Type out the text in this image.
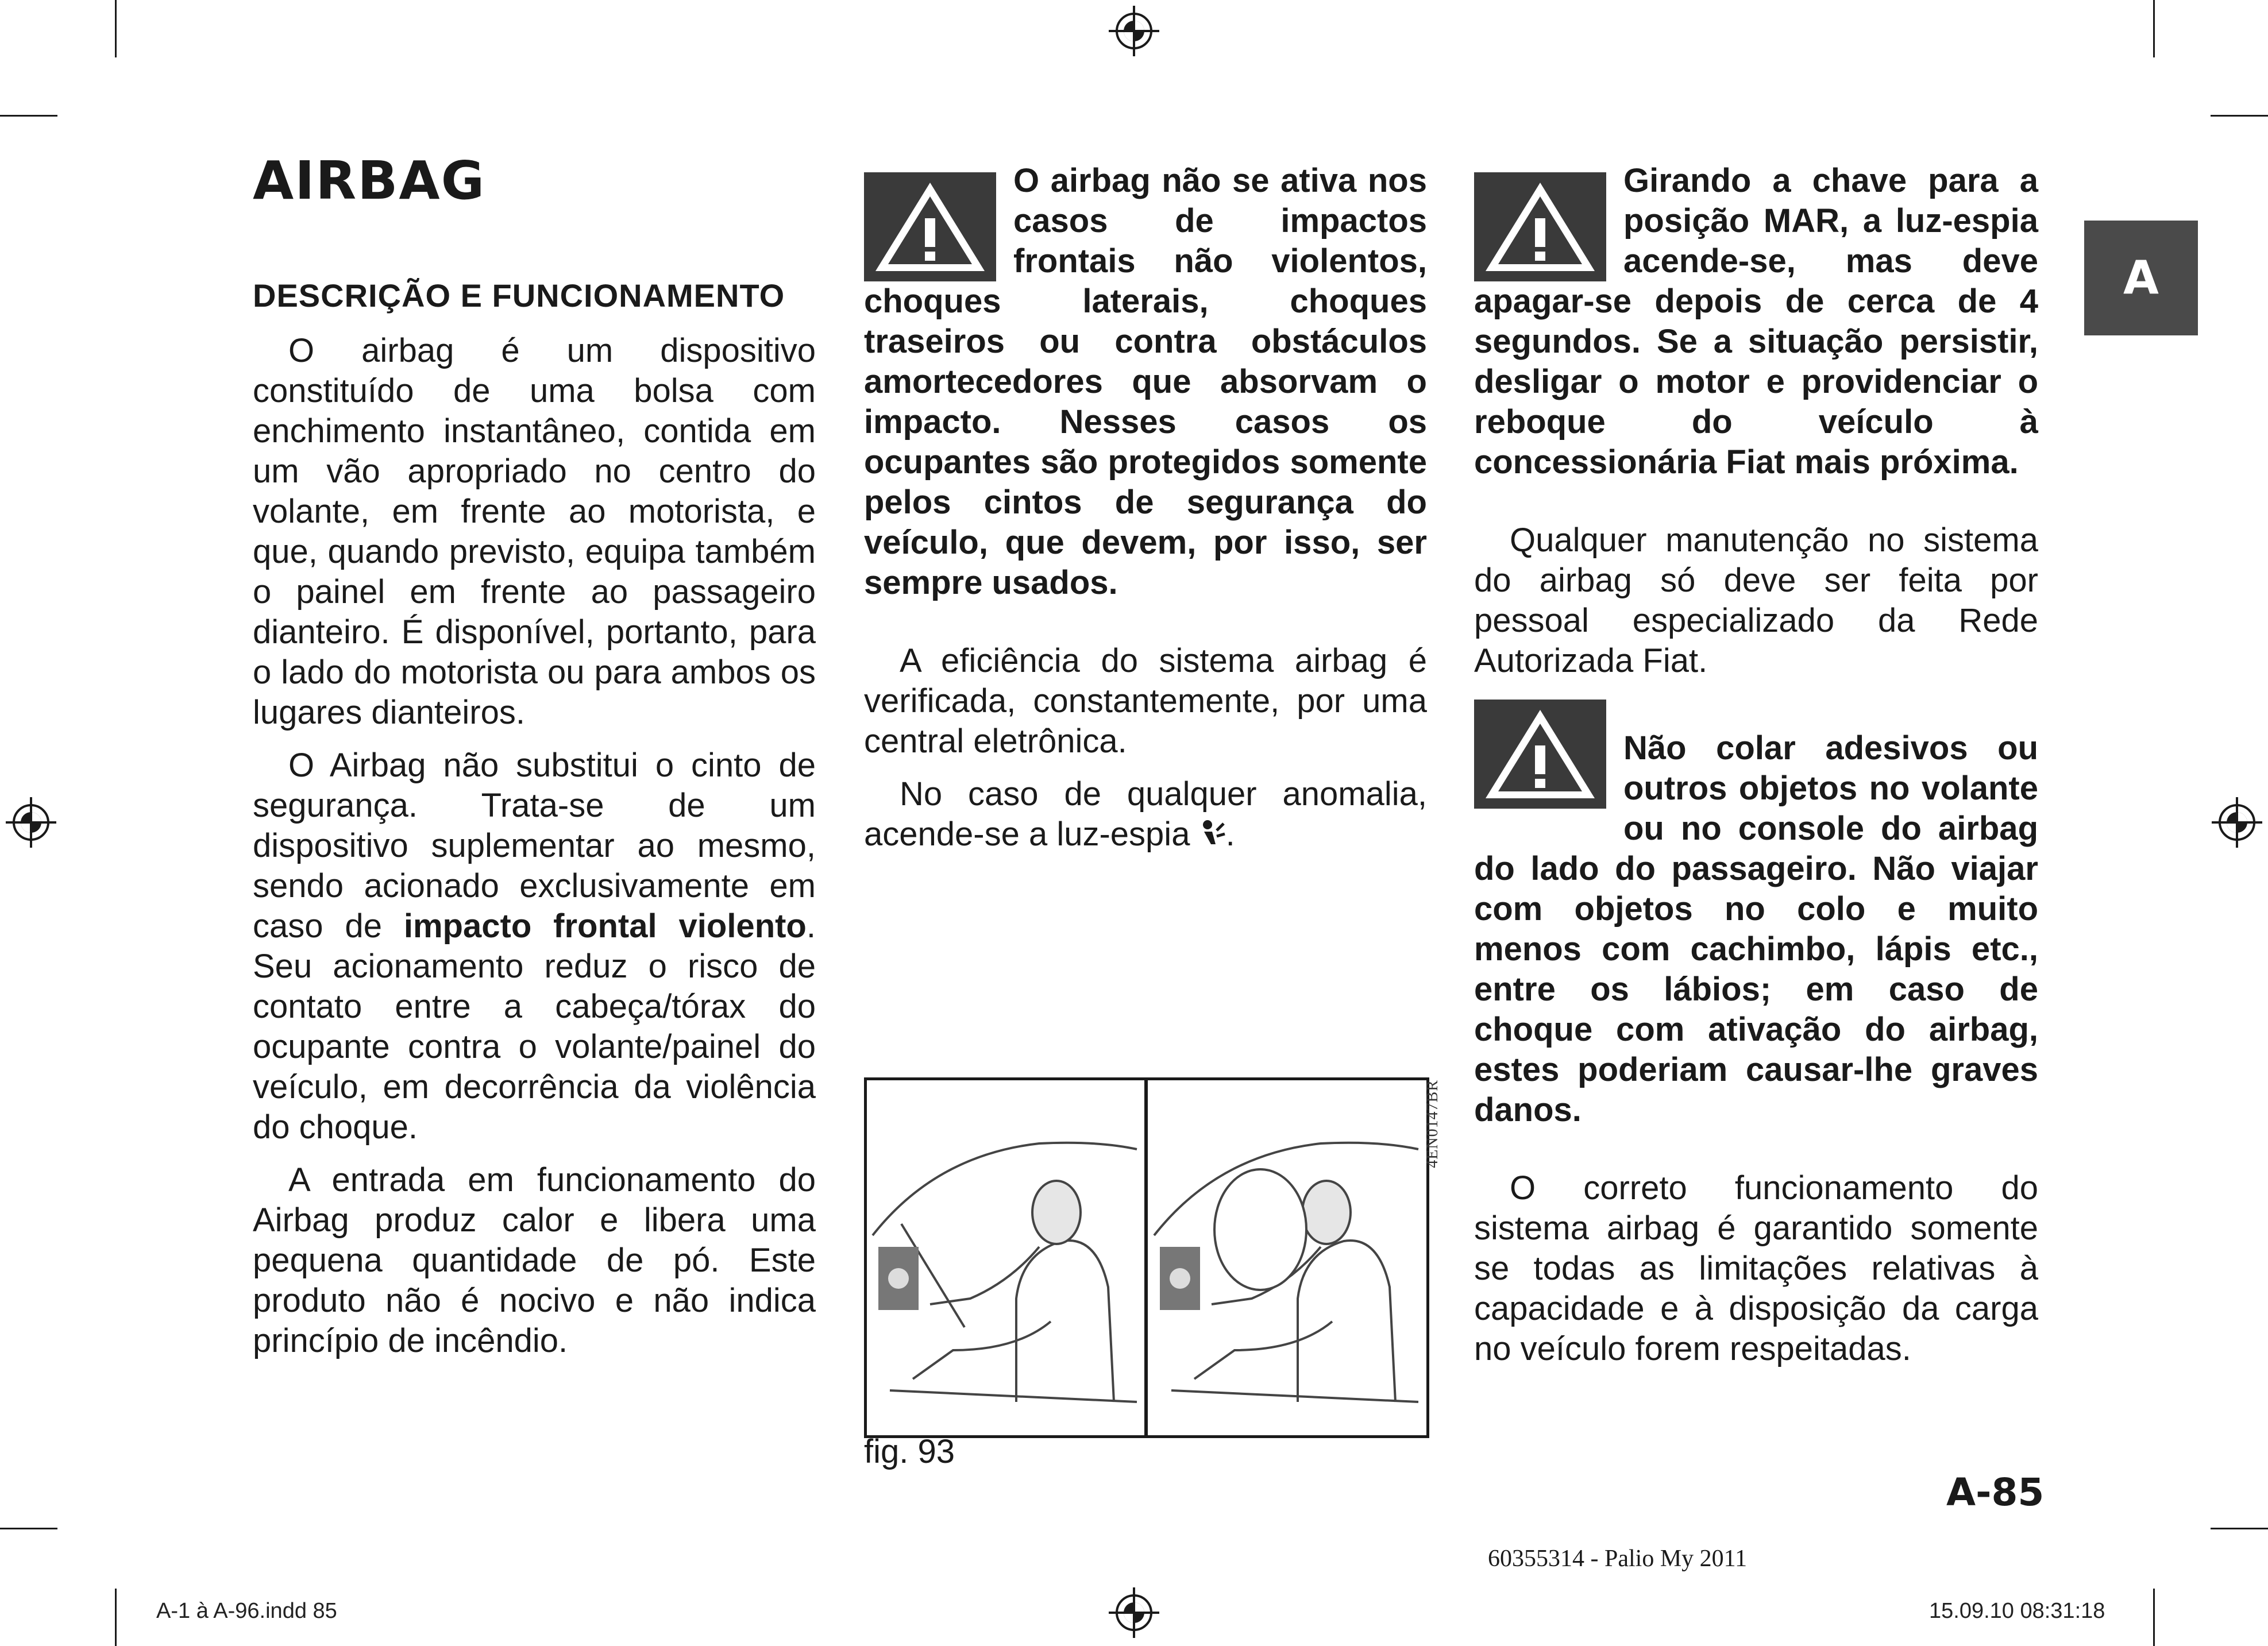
A
AIRBAG
DESCRIÇÃO E FUNCIONAMENTO

O airbag é um dispositivo constituído de uma bolsa com enchimento instantâneo, contida em um vão apropriado no centro do volante, em frente ao motorista, e que, quando previsto, equipa também o painel em frente ao passageiro dianteiro. É disponível, portanto, para o lado do motorista ou para ambos os lugares dianteiros.

O Airbag não substitui o cinto de segurança. Trata-se de um dispositivo suplementar ao mesmo, sendo acionado exclusivamente em caso de impacto frontal violento. Seu acionamento reduz o risco de contato entre a cabeça/tórax do ocupante contra o volante/painel do veículo, em decorrência da violência do choque.

A entrada em funcionamento do Airbag produz calor e libera uma pequena quantidade de pó. Este produto não é nocivo e não indica princípio de incêndio.

O airbag não se ativa nos casos de impactos frontais não violentos, choques laterais, choques traseiros ou contra obstáculos amortecedores que absorvam o impacto. Nesses casos os ocupantes são protegidos somente pelos cintos de segurança do veículo, que devem, por isso, ser sempre usados.

A eficiência do sistema airbag é verificada, constantemente, por uma central eletrônica.

No caso de qualquer anomalia, acende-se a luz-espia .

Girando a chave para a posição MAR, a luz-espia acende-se, mas deve apagar-se depois de cerca de 4 segundos. Se a situação persistir, desligar o motor e providenciar o reboque do veículo à concessionária Fiat mais próxima.

Qualquer manutenção no sistema do airbag só deve ser feita por pessoal especializado da Rede Autorizada Fiat.

Não colar adesivos ou outros objetos no volante ou no console do airbag do lado do passageiro. Não viajar com objetos no colo e muito menos com cachimbo, lápis etc., entre os lábios; em caso de choque com ativação do airbag, estes poderiam causar-lhe graves danos.

O correto funcionamento do sistema airbag é garantido somente se todas as limitações relativas à capacidade e à disposição da carga no veículo forem respeitadas.

4EN0147BR
fig. 93
A-85
60355314 - Palio My 2011
A-1 à A-96.indd 85	15.09.10 08:31:18
